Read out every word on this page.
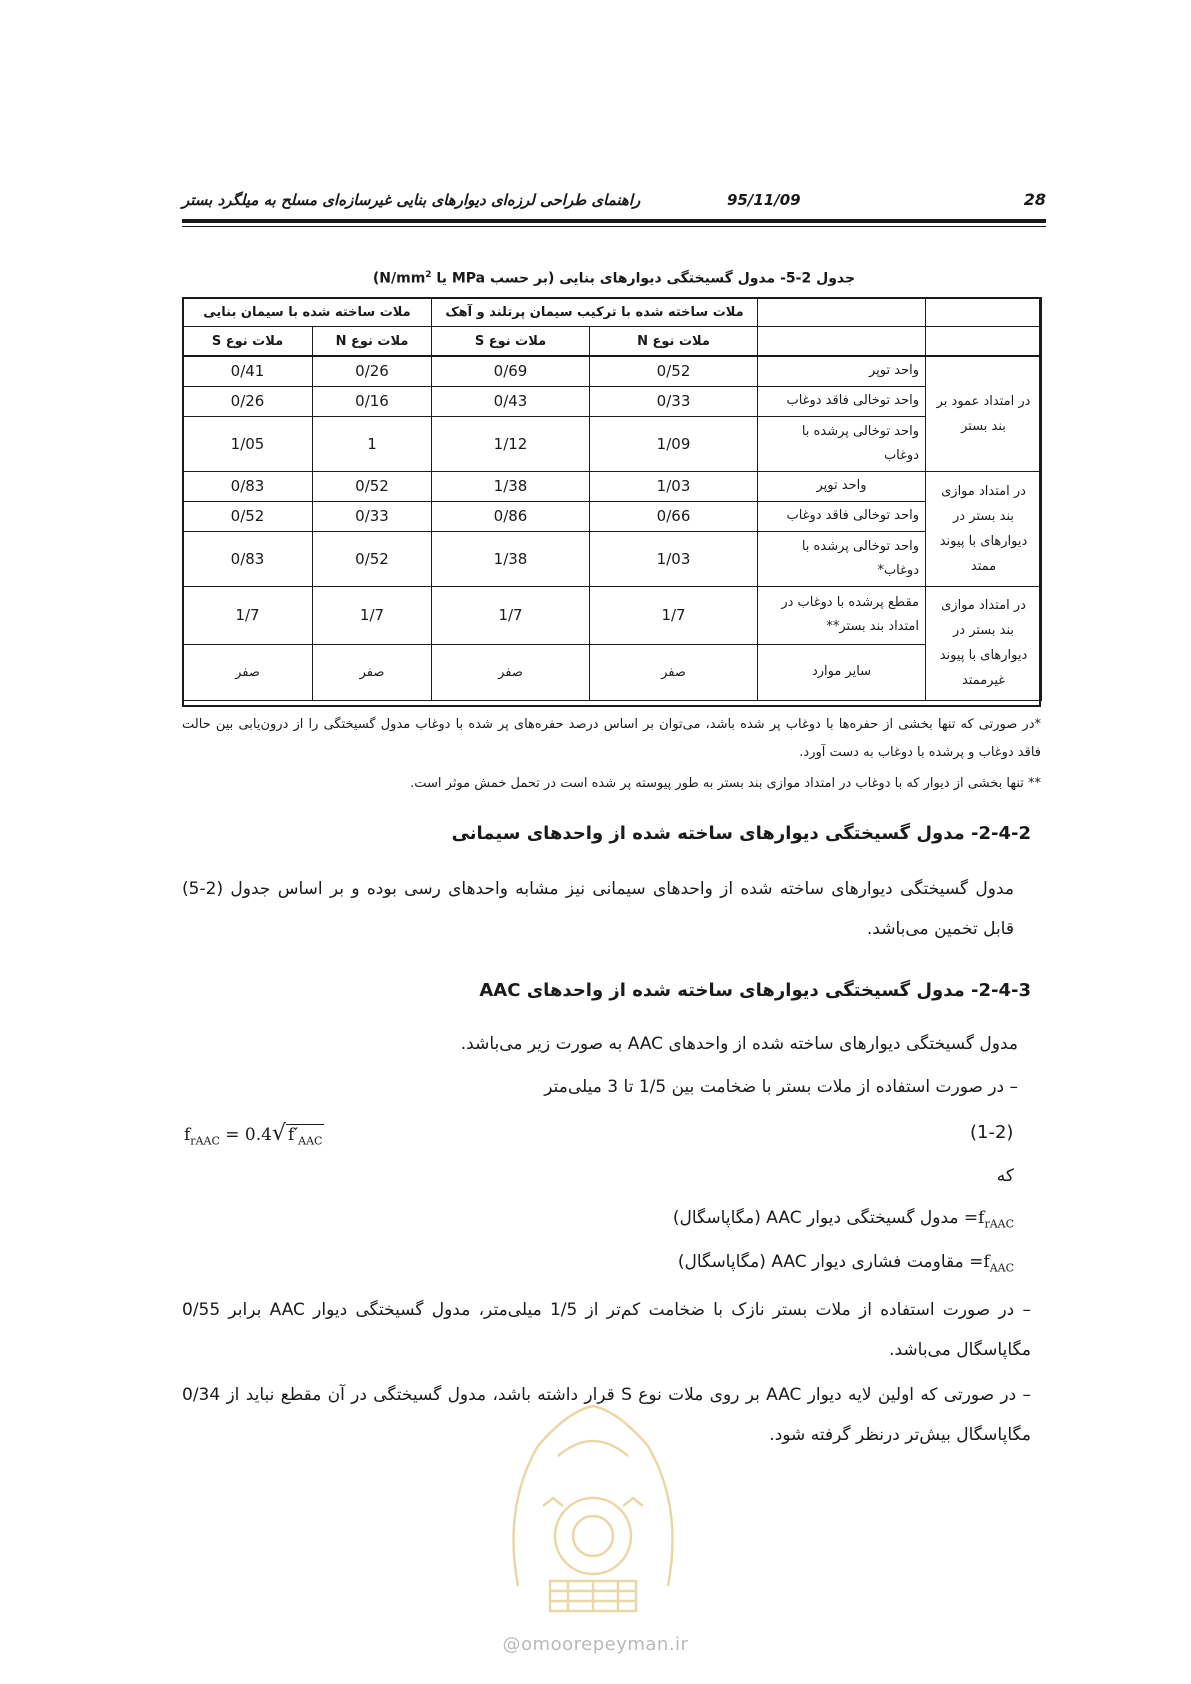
28
95/11/09
راهنمای طراحی لرزه‌ای دیوارهای بنایی غیرسازه‌ای مسلح به میلگرد بستر
جدول 2-5- مدول گسیختگی دیوارهای بنایی (بر حسب MPa یا $N/mm^2$)
		ملات ساخته شده با ترکیب سیمان پرتلند و آهک		ملات ساخته شده با سیمان بنایی	
		ملات نوع N	ملات نوع S	ملات نوع N	ملات نوع S
در امتداد عمود بر بند بستر	واحد توپر	0/52	0/69	0/26	0/41
	واحد توخالی فاقد دوغاب	0/33	0/43	0/16	0/26
	واحد توخالی پرشده با دوغاب	1/09	1/12	1	1/05
در امتداد موازی بند بستر در دیوارهای با پیوند ممتد	واحد توپر	1/03	1/38	0/52	0/83
	واحد توخالی فاقد دوغاب	0/66	0/86	0/33	0/52
	واحد توخالی پرشده با دوغاب*	1/03	1/38	0/52	0/83
در امتداد موازی بند بستر در دیوارهای با پیوند غیرممتد	مقطع پرشده با دوغاب در امتداد بند بستر**	1/7	1/7	1/7	1/7
	سایر موارد	صفر	صفر	صفر	صفر
*در صورتی که تنها بخشی از حفره‌ها با دوغاب پر شده باشد، می‌توان بر اساس درصد حفره‌های پر شده با دوغاب مدول گسیختگی را از درون‌یابی بین حالت فاقد دوغاب و پرشده با دوغاب به دست آورد.
** تنها بخشی از دیوار که با دوغاب در امتداد موازی بند بستر به طور پیوسته پر شده است در تحمل خمش موثر است.
2-4-2- مدول گسیختگی دیوارهای ساخته شده از واحدهای سیمانی
مدول گسیختگی دیوارهای ساخته شده از واحدهای سیمانی نیز مشابه واحدهای رسی بوده و بر اساس جدول (2-5) قابل تخمین می‌باشد.
2-4-3- مدول گسیختگی دیوارهای ساخته شده از واحدهای AAC
مدول گسیختگی دیوارهای ساخته شده از واحدهای AAC به صورت زیر می‌باشد.
– در صورت استفاده از ملات بستر با ضخامت بین 1/5 تا 3 میلی‌متر
$f_{rAAC} = 0.4√$ $f'_{AAC}$	(1-2)
که
$f_{rAAC}=$ مدول گسیختگی دیوار AAC (مگاپاسگال)
$f_{AAC}=$ مقاومت فشاری دیوار AAC (مگاپاسگال)
– در صورت استفاده از ملات بستر نازک با ضخامت کم‌تر از 1/5 میلی‌متر، مدول گسیختگی دیوار AAC برابر 0/55 مگاپاسگال می‌باشد.
– در صورتی که اولین لایه دیوار AAC بر روی ملات نوع S قرار داشته باشد، مدول گسیختگی در آن مقطع نباید از 0/34 مگاپاسگال بیش‌تر درنظر گرفته شود.
@omoorepeyman.ir
